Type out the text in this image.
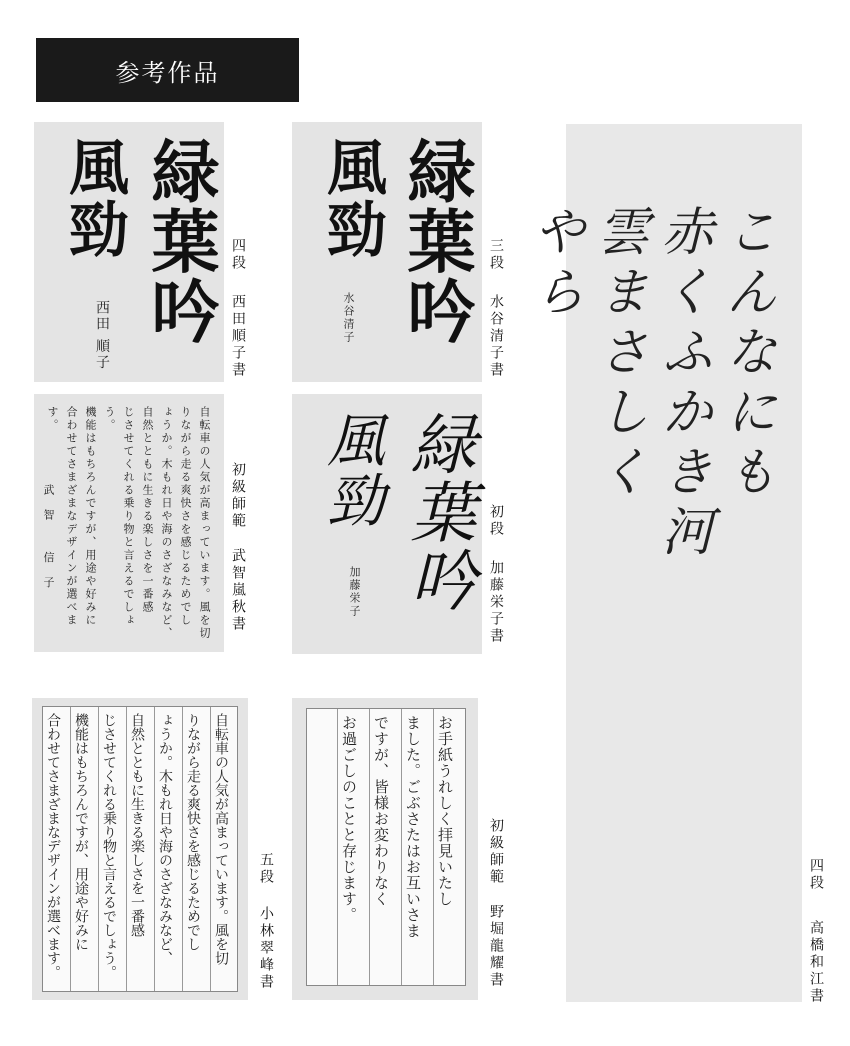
参考作品
緑葉吟
風勁
西田 順子
四段
西田順子書 緑葉吟
風勁
水谷清子
三段
水谷清子書
自転車の人気が高まっています。風を切
りながら走る爽快さを感じるためでし
ょうか。木もれ日や海のさざなみなど、
自然とともに生きる楽しさを一番感
じさせてくれる乗り物と言えるでしょう。
機能はもちろんですが、用途や好みに
合わせてさまざまなデザインが選べます。
武智 信子	初級師範
武智嵐秋書 緑葉吟
風勁
加藤栄子
初段
加藤栄子書
自転車の人気が高まっています。風を切
りながら走る爽快さを感じるためでし
ょうか。木もれ日や海のさざなみなど、
自然とともに生きる楽しさを一番感
じさせてくれる乗り物と言えるでしょう。
機能はもちろんですが、用途や好みに
合わせてさまざまなデザインが選べます。	五段
小林翠峰書
お手紙うれしく拝見いたし
ました。ごぶさたはお互いさま
ですが、皆様お変わりなく
お過ごしのことと存じます。	初級師範
野堀龍耀書
こんなにも
赤くふかき河
雲まさしく
やら
四段
高橋和江書
